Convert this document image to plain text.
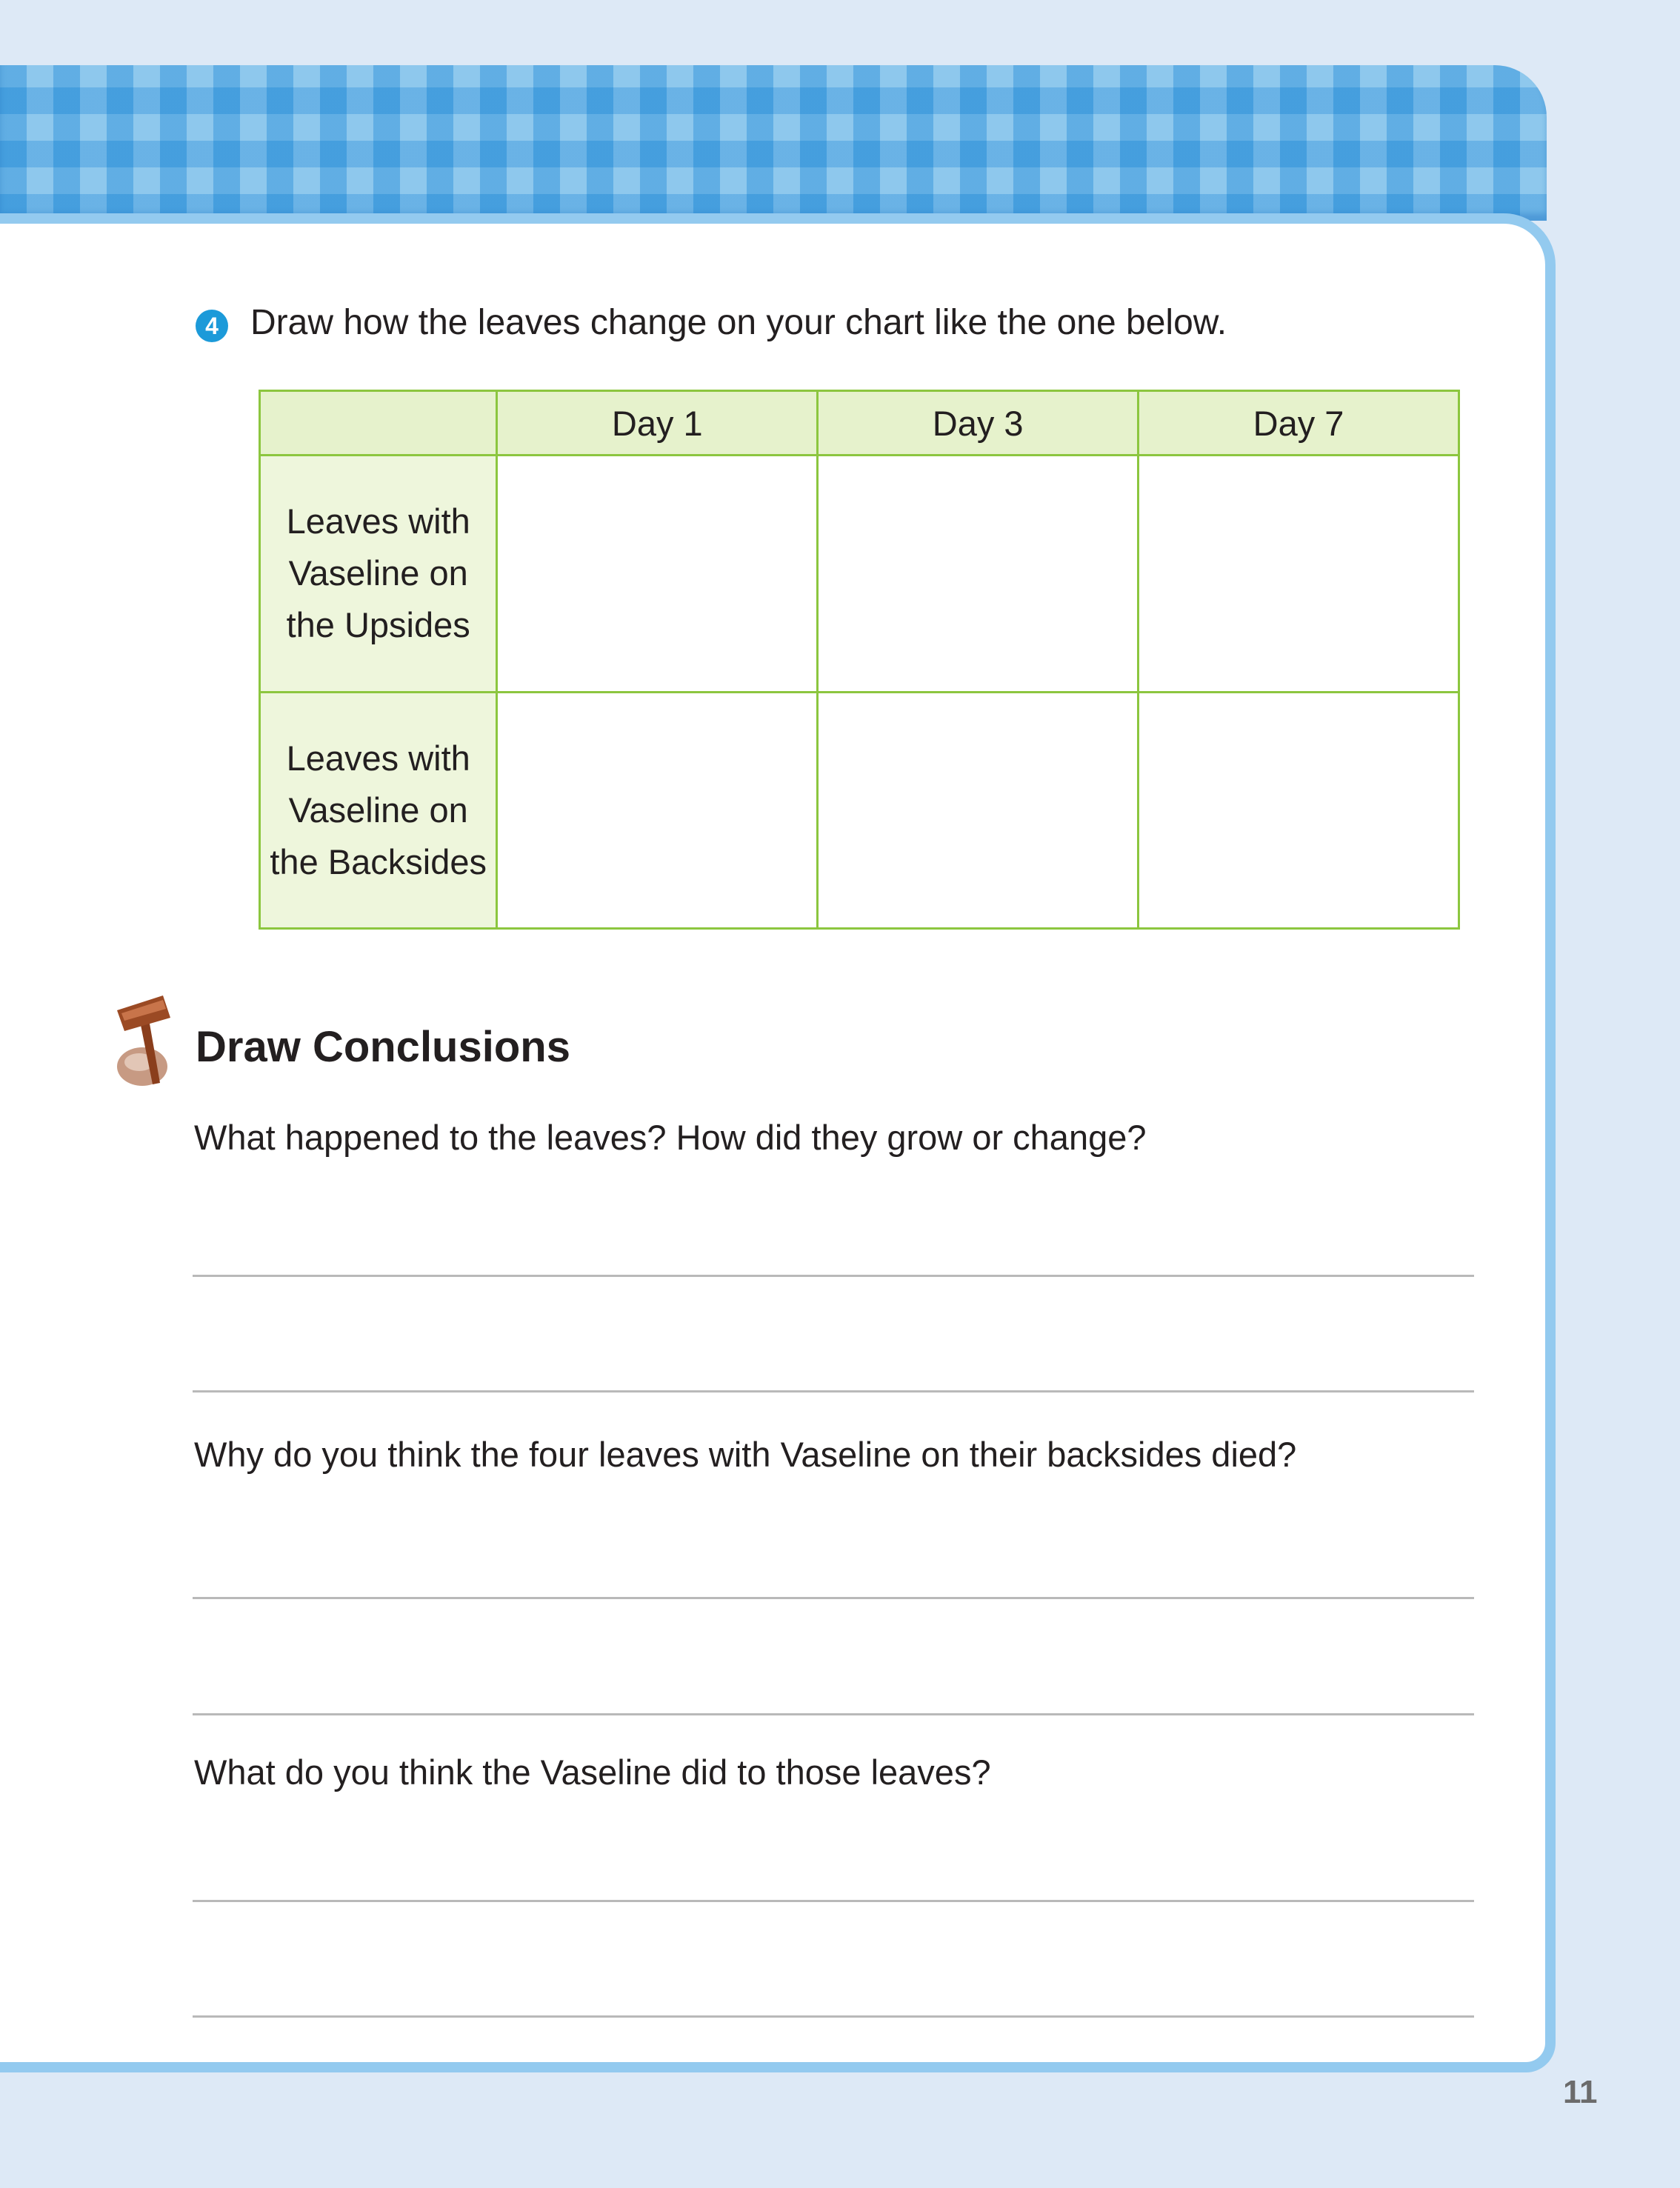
4 Draw how the leaves change on your chart like the one below.
	Day 1	Day 3	Day 7
Leaves with Vaseline on the Upsides			
Leaves with Vaseline on the Backsides			
Draw Conclusions
What happened to the leaves? How did they grow or change?
Why do you think the four leaves with Vaseline on their backsides died?
What do you think the Vaseline did to those leaves?
11
